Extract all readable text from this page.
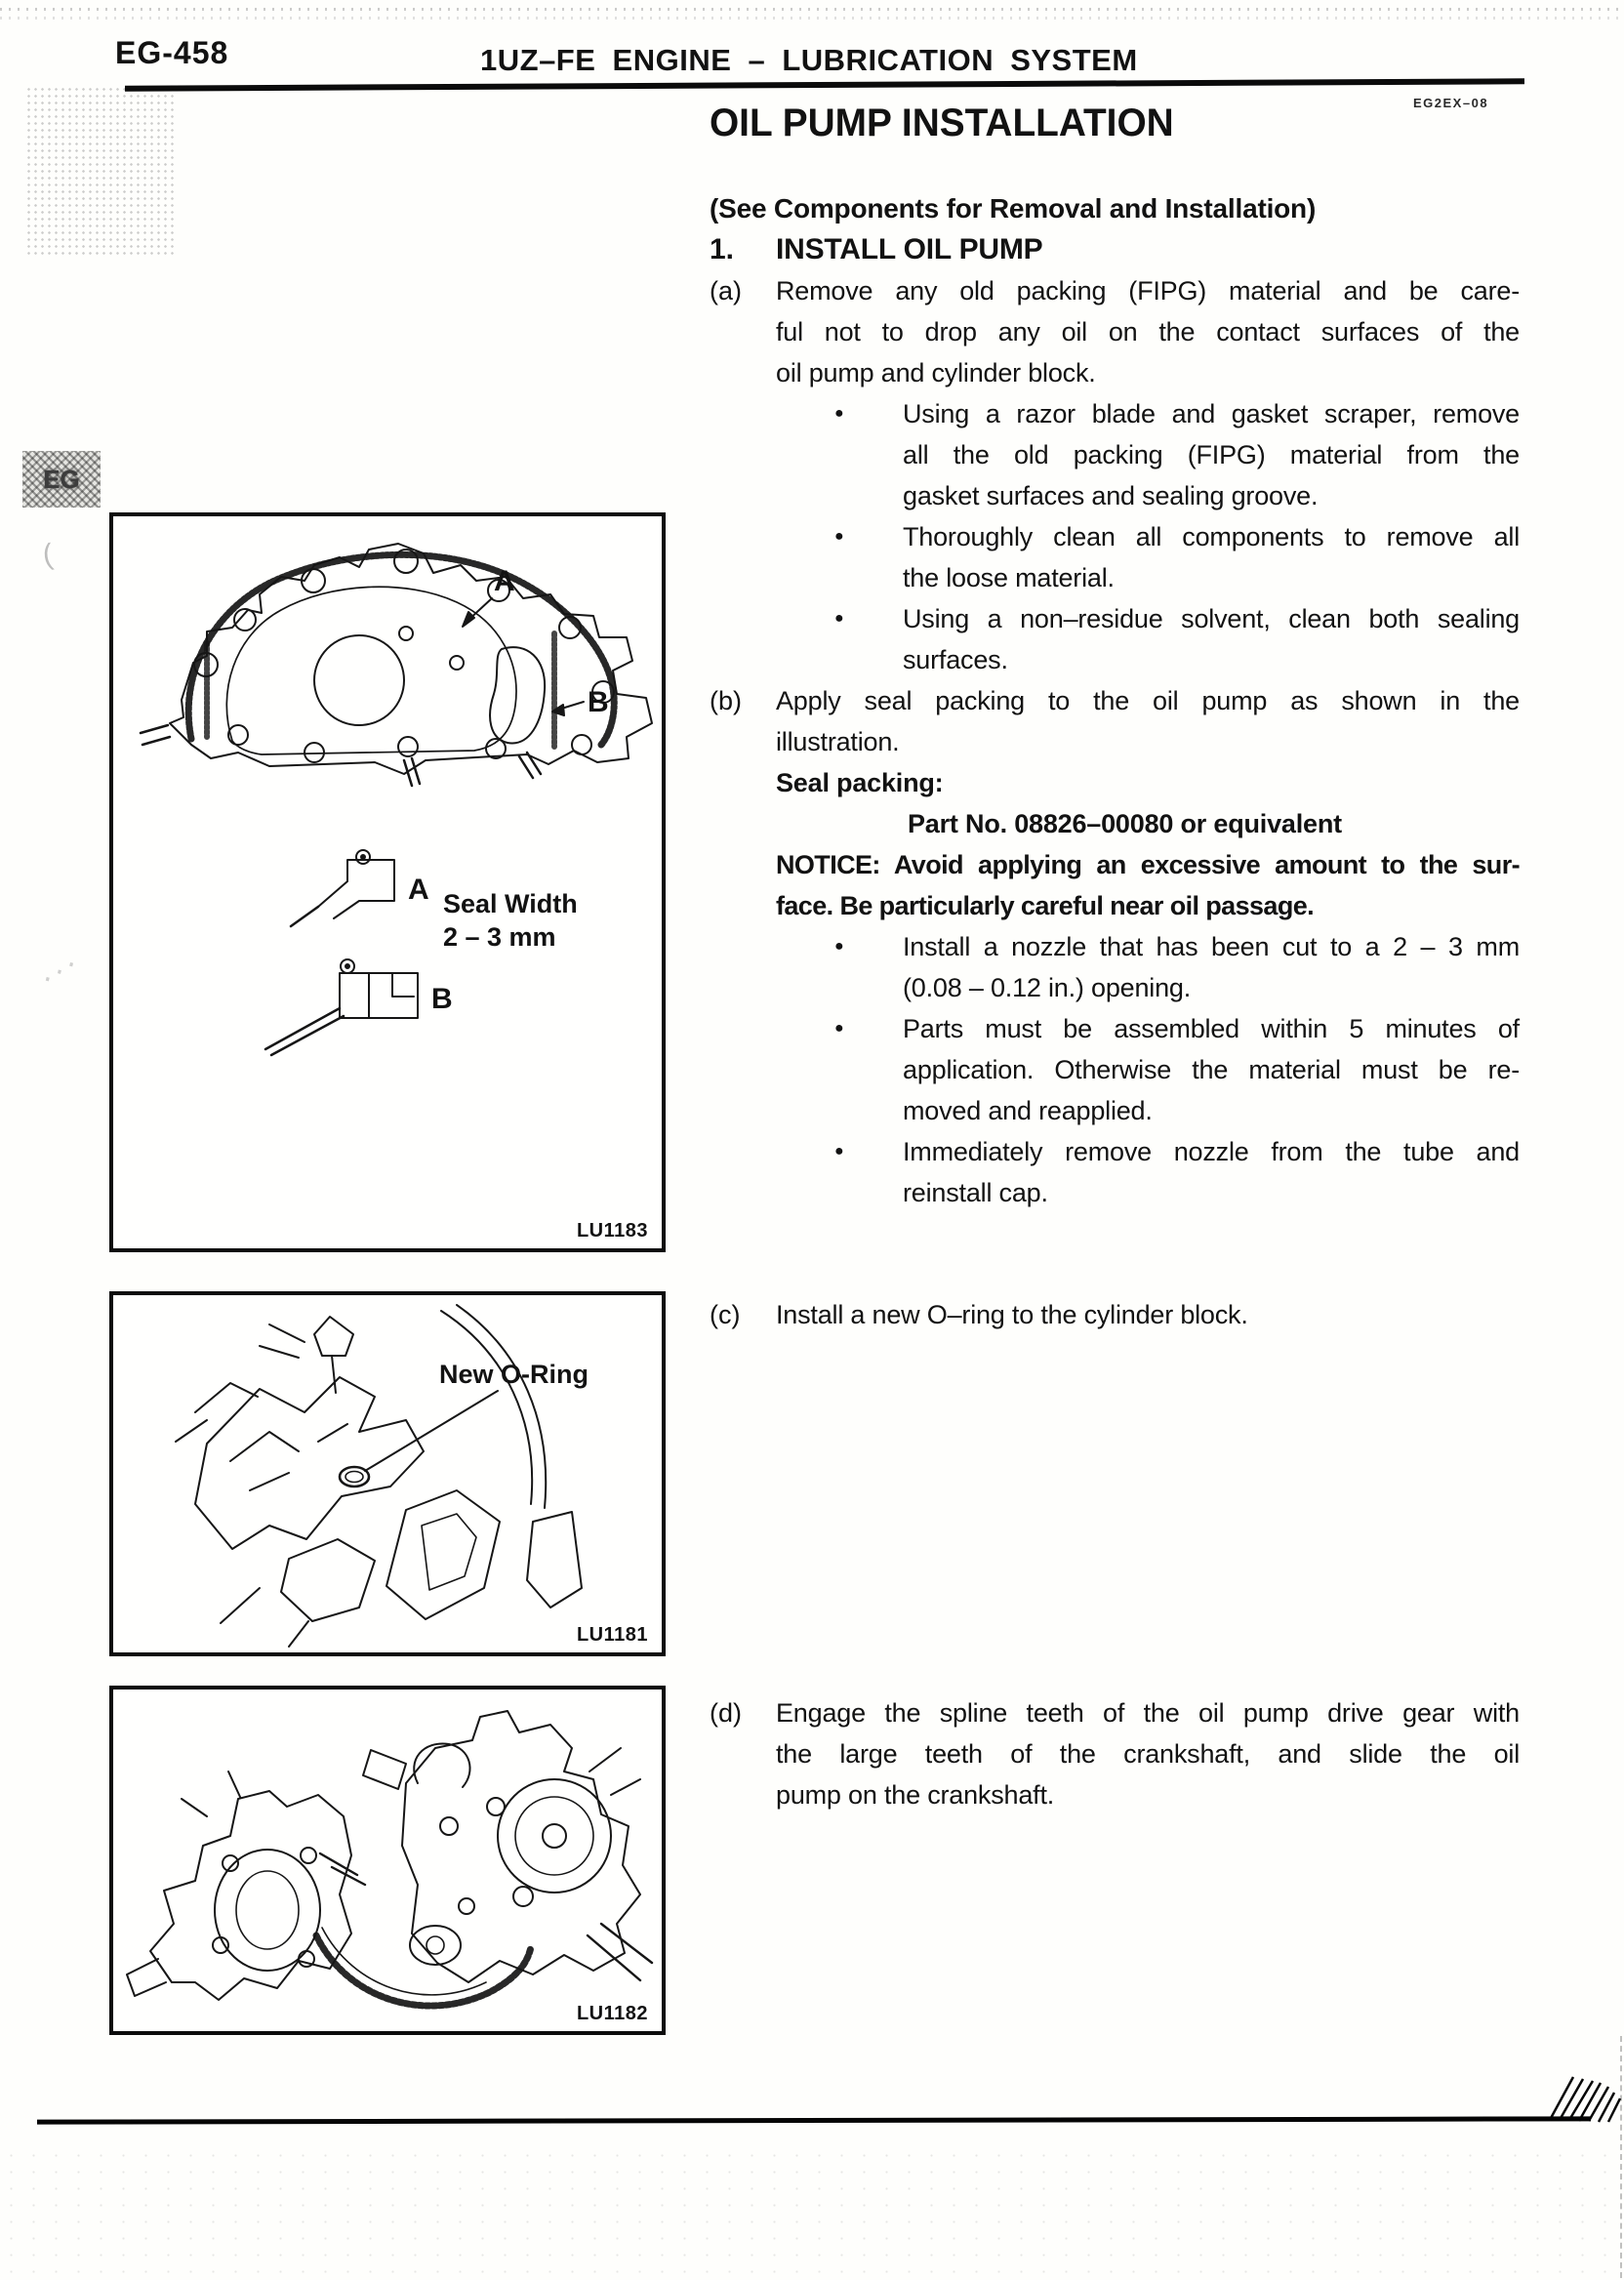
(
⋰
EG-458	1UZ–FE ENGINE – LUBRICATION SYSTEM
EG2EX–08
EG
OIL PUMP INSTALLATION
(See Components for Removal and Installation)
1. INSTALL OIL PUMP
(a) Remove any old packing (FIPG) material and be care-
ful not to drop any oil on the contact surfaces of the
oil pump and cylinder block.
● Using a razor blade and gasket scraper, remove
all the old packing (FIPG) material from the
gasket surfaces and sealing groove.
● Thoroughly clean all components to remove all
the loose material.
● Using a non–residue solvent, clean both sealing
surfaces.
(b) Apply seal packing to the oil pump as shown in the
illustration.
Seal packing:
Part No. 08826–00080 or equivalent
NOTICE: Avoid applying an excessive amount to the sur-
face. Be particularly careful near oil passage.
● Install a nozzle that has been cut to a 2 – 3 mm
(0.08 – 0.12 in.) opening.
● Parts must be assembled within 5 minutes of
application. Otherwise the material must be re-
moved and reapplied.
● Immediately remove nozzle from the tube and
reinstall cap.
(c) Install a new O–ring to the cylinder block.
(d) Engage the spline teeth of the oil pump drive gear with
the large teeth of the crankshaft, and slide the oil
pump on the crankshaft.
A
B
A
B
Seal Width
2 – 3 mm
LU1183
New O-Ring
LU1181
LU1182
